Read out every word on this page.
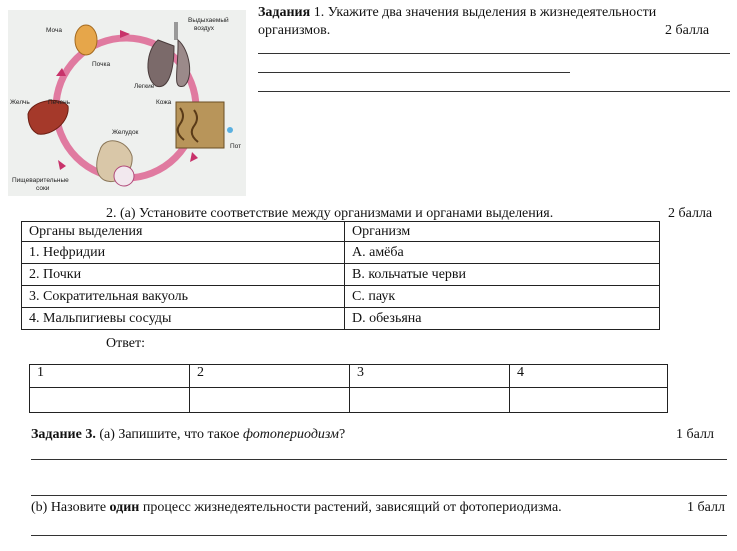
Моча
Выдыхаемый
воздух
Почка
Легкие
Желчь	Печень	Кожа
Пот
Желудок
Пищеварительные
соки
Задания 1. Укажите два значения выделения в жизнедеятельности
организмов.	2 балла
2. (a) Установите соответствие между организмами и органами выделения.	2 балла
Органы выделения	Организм
1. Нефридии	A. амёба
2. Почки	B. кольчатые черви
3. Сократительная вакуоль	C. паук
4. Мальпигиевы сосуды	D. обезьяна
Ответ:
1	2	3	4

Задание 3. (a) Запишите, что такое фотопериодизм?	1 балл
(b) Назовите один процесс жизнедеятельности растений, зависящий от фотопериодизма.	1 балл
